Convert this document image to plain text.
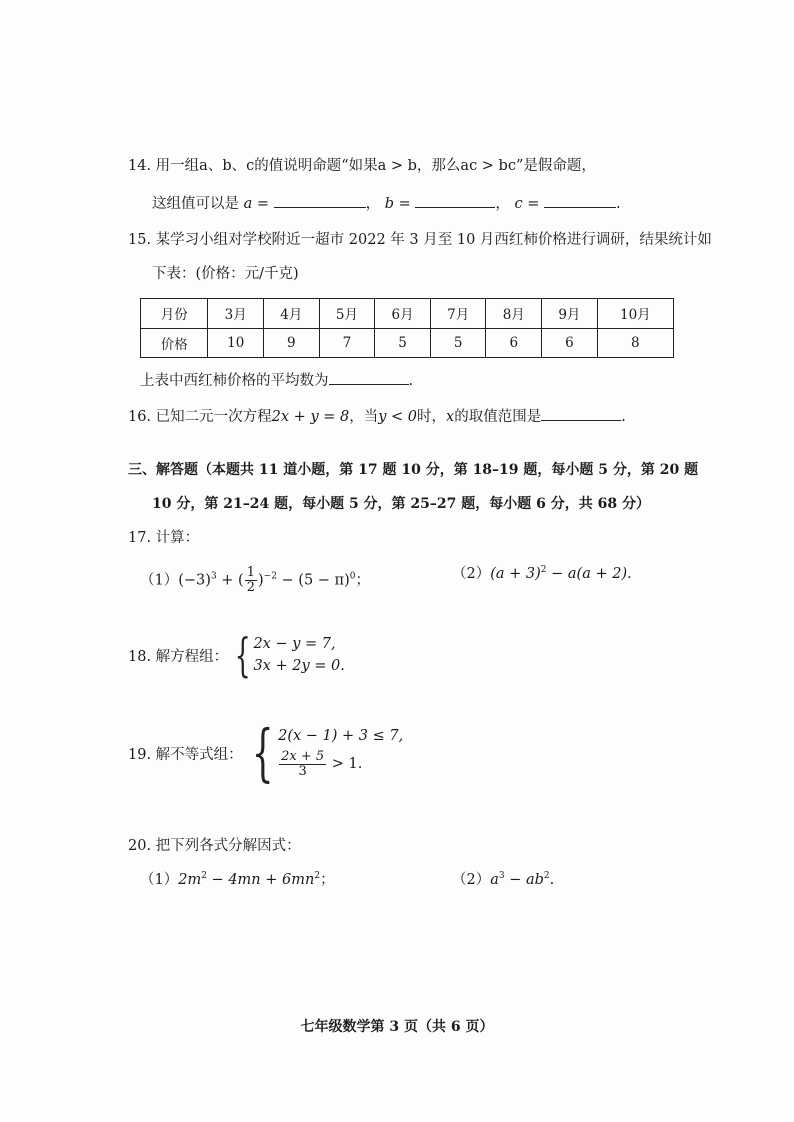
14. 用一组a、b、c的值说明命题“如果a > b，那么ac > bc”是假命题，
这组值可以是 a =	， b =	， c =	.
15. 某学习小组对学校附近一超市 2022 年 3 月至 10 月西红柿价格进行调研，结果统计如
下表：(价格：元/千克)
月份	3月	4月	5月	6月	7月	8月	9月	10月
价格	10	9	7	5	5	6	6	8
上表中西红柿价格的平均数为	.
16. 已知二元一次方程2x + y = 8，当y < 0时，x的取值范围是	.
三、解答题（本题共 11 道小题，第 17 题 10 分，第 18–19 题，每小题 5 分，第 20 题
10 分，第 21–24 题，每小题 5 分，第 25–27 题，每小题 6 分，共 68 分）
17. 计算：
$(1)(-3)^3$ + ( $\frac{1}{2} )^{-2} - (5 - \pi)^0$；	$(2)(a + 3)^2 - a(a + 2)$.
18. 解方程组： { 2x − y = 7,
3x + 2y = 0.
19. 解不等式组： { 2(x − 1) + 3 ≤ 7,
$\frac{2x + 5}{3} > 1$.
20. 把下列各式分解因式：
$(1)2m^2 - 4mn + 6mn^2$；	$(2)a^3 - ab^2$.
七年级数学第 3 页（共 6 页）
